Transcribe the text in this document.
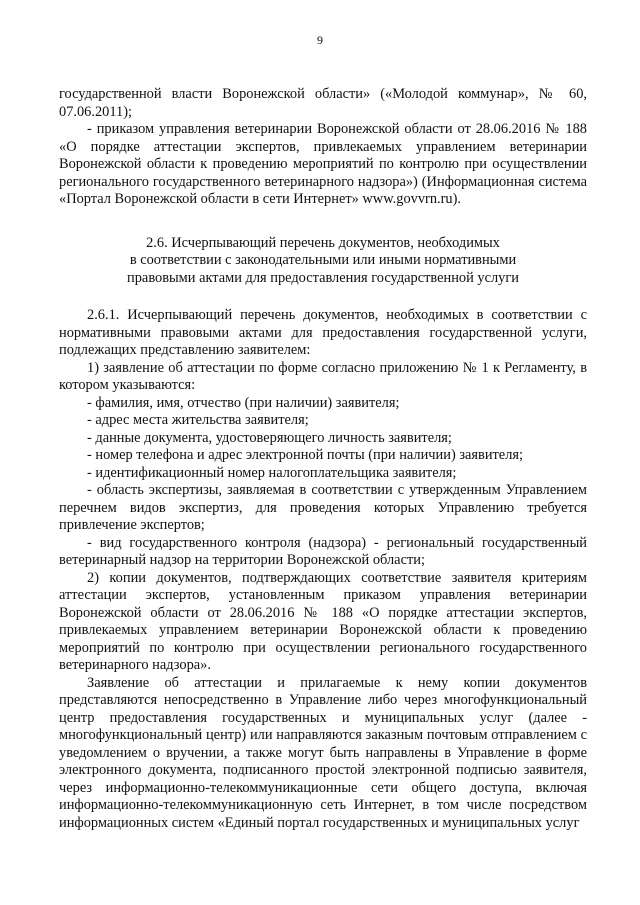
9

государственной власти Воронежской области» («Молодой коммунар», № 60, 07.06.2011);

- приказом управления ветеринарии Воронежской области от 28.06.2016 № 188 «О порядке аттестации экспертов, привлекаемых управлением ветеринарии Воронежской области к проведению мероприятий по контролю при осуществлении регионального государственного ветеринарного надзора») (Информационная система «Портал Воронежской области в сети Интернет» www.govvrn.ru).

2.6. Исчерпывающий перечень документов, необходимых

в соответствии с законодательными или иными нормативными

правовыми актами для предоставления государственной услуги

2.6.1. Исчерпывающий перечень документов, необходимых в соответствии с нормативными правовыми актами для предоставления государственной услуги, подлежащих представлению заявителем:

1) заявление об аттестации по форме согласно приложению № 1 к Регламенту, в котором указываются:

- фамилия, имя, отчество (при наличии) заявителя;

- адрес места жительства заявителя;

- данные документа, удостоверяющего личность заявителя;

- номер телефона и адрес электронной почты (при наличии) заявителя;

- идентификационный номер налогоплательщика заявителя;

- область экспертизы, заявляемая в соответствии с утвержденным Управлением перечнем видов экспертиз, для проведения которых Управлению требуется привлечение экспертов;

- вид государственного контроля (надзора) - региональный государственный ветеринарный надзор на территории Воронежской области;

2) копии документов, подтверждающих соответствие заявителя критериям аттестации экспертов, установленным приказом управления ветеринарии Воронежской области от 28.06.2016 № 188 «О порядке аттестации экспертов, привлекаемых управлением ветеринарии Воронежской области к проведению мероприятий по контролю при осуществлении регионального государственного ветеринарного надзора».

Заявление об аттестации и прилагаемые к нему копии документов представляются непосредственно в Управление либо через многофункциональный центр предоставления государственных и муниципальных услуг (далее - многофункциональный центр) или направляются заказным почтовым отправлением с уведомлением о вручении, а также могут быть направлены в Управление в форме электронного документа, подписанного простой электронной подписью заявителя, через информационно-телекоммуникационные сети общего доступа, включая информационно-телекоммуникационную сеть Интернет, в том числе посредством информационных систем «Единый портал государственных и муниципальных услуг
